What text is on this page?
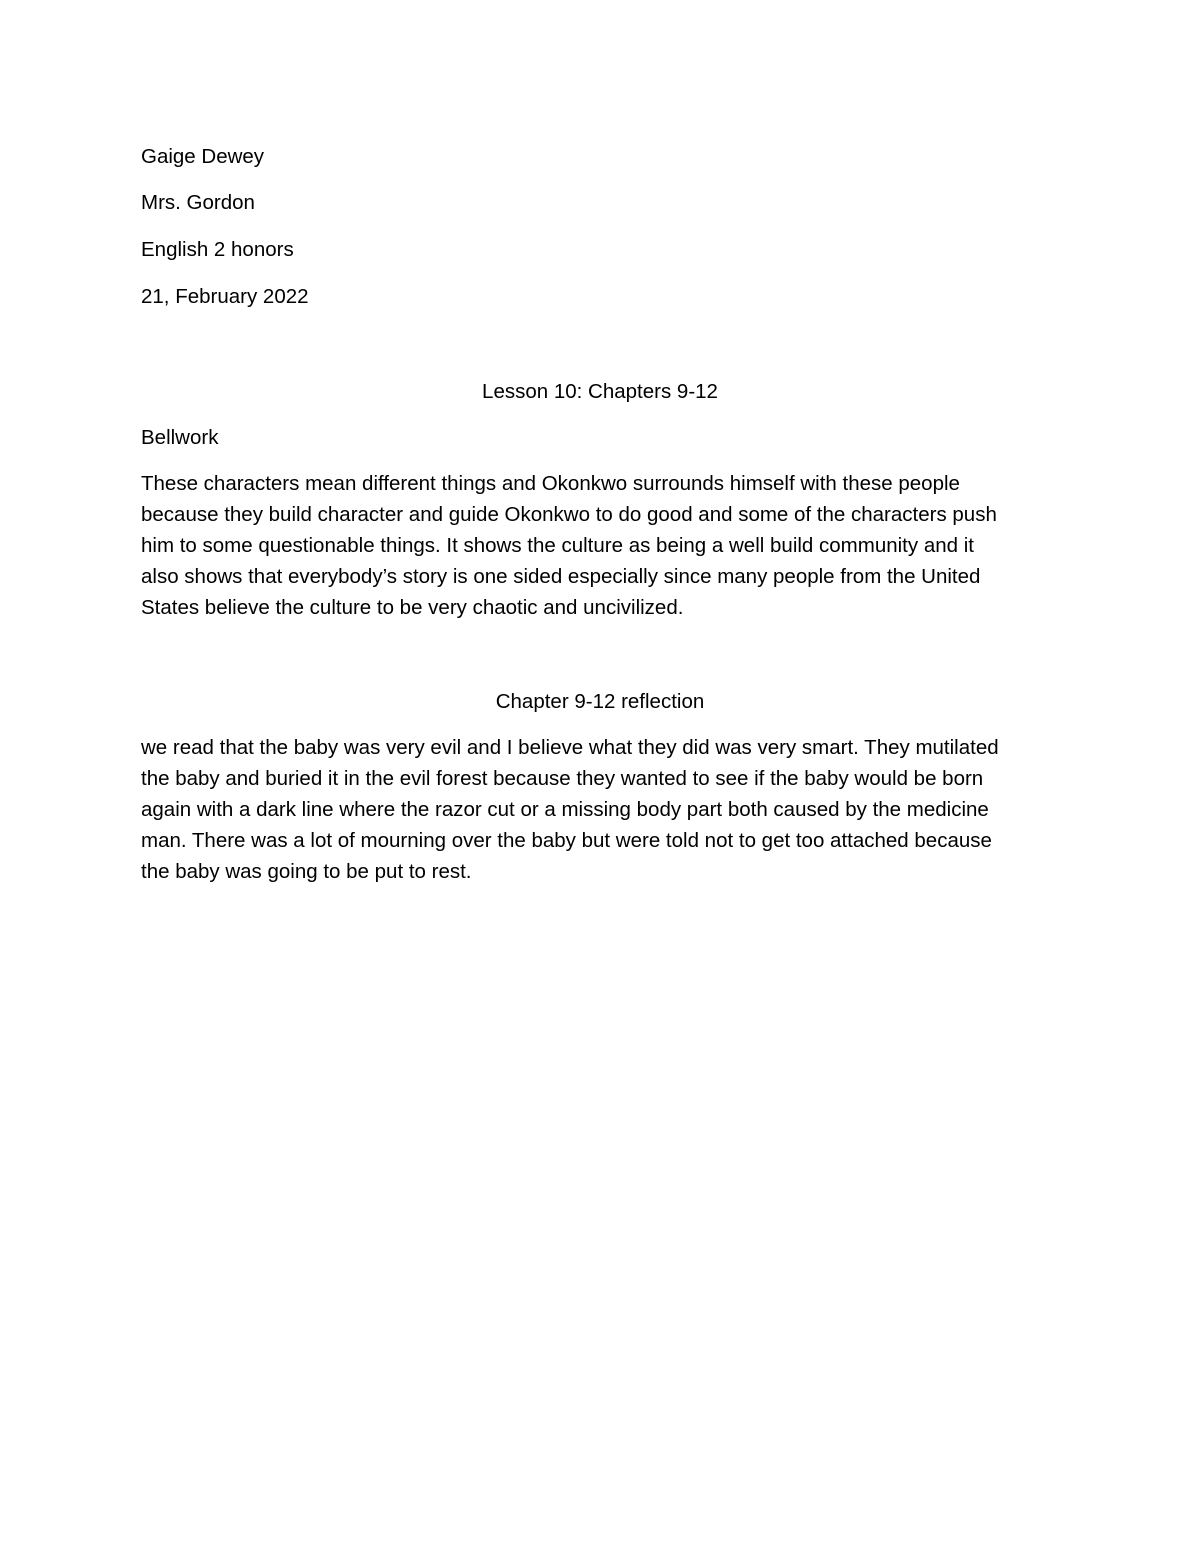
Gaige Dewey
Mrs. Gordon
English 2 honors
21, February 2022
Lesson 10: Chapters 9-12
Bellwork
These characters mean different things and Okonkwo surrounds himself with these people
because they build character and guide Okonkwo to do good and some of the characters push
him to some questionable things. It shows the culture as being a well build community and it
also shows that everybody’s story is one sided especially since many people from the United
States believe the culture to be very chaotic and uncivilized.
Chapter 9-12 reflection
we read that the baby was very evil and I believe what they did was very smart. They mutilated
the baby and buried it in the evil forest because they wanted to see if the baby would be born
again with a dark line where the razor cut or a missing body part both caused by the medicine
man. There was a lot of mourning over the baby but were told not to get too attached because
the baby was going to be put to rest.
